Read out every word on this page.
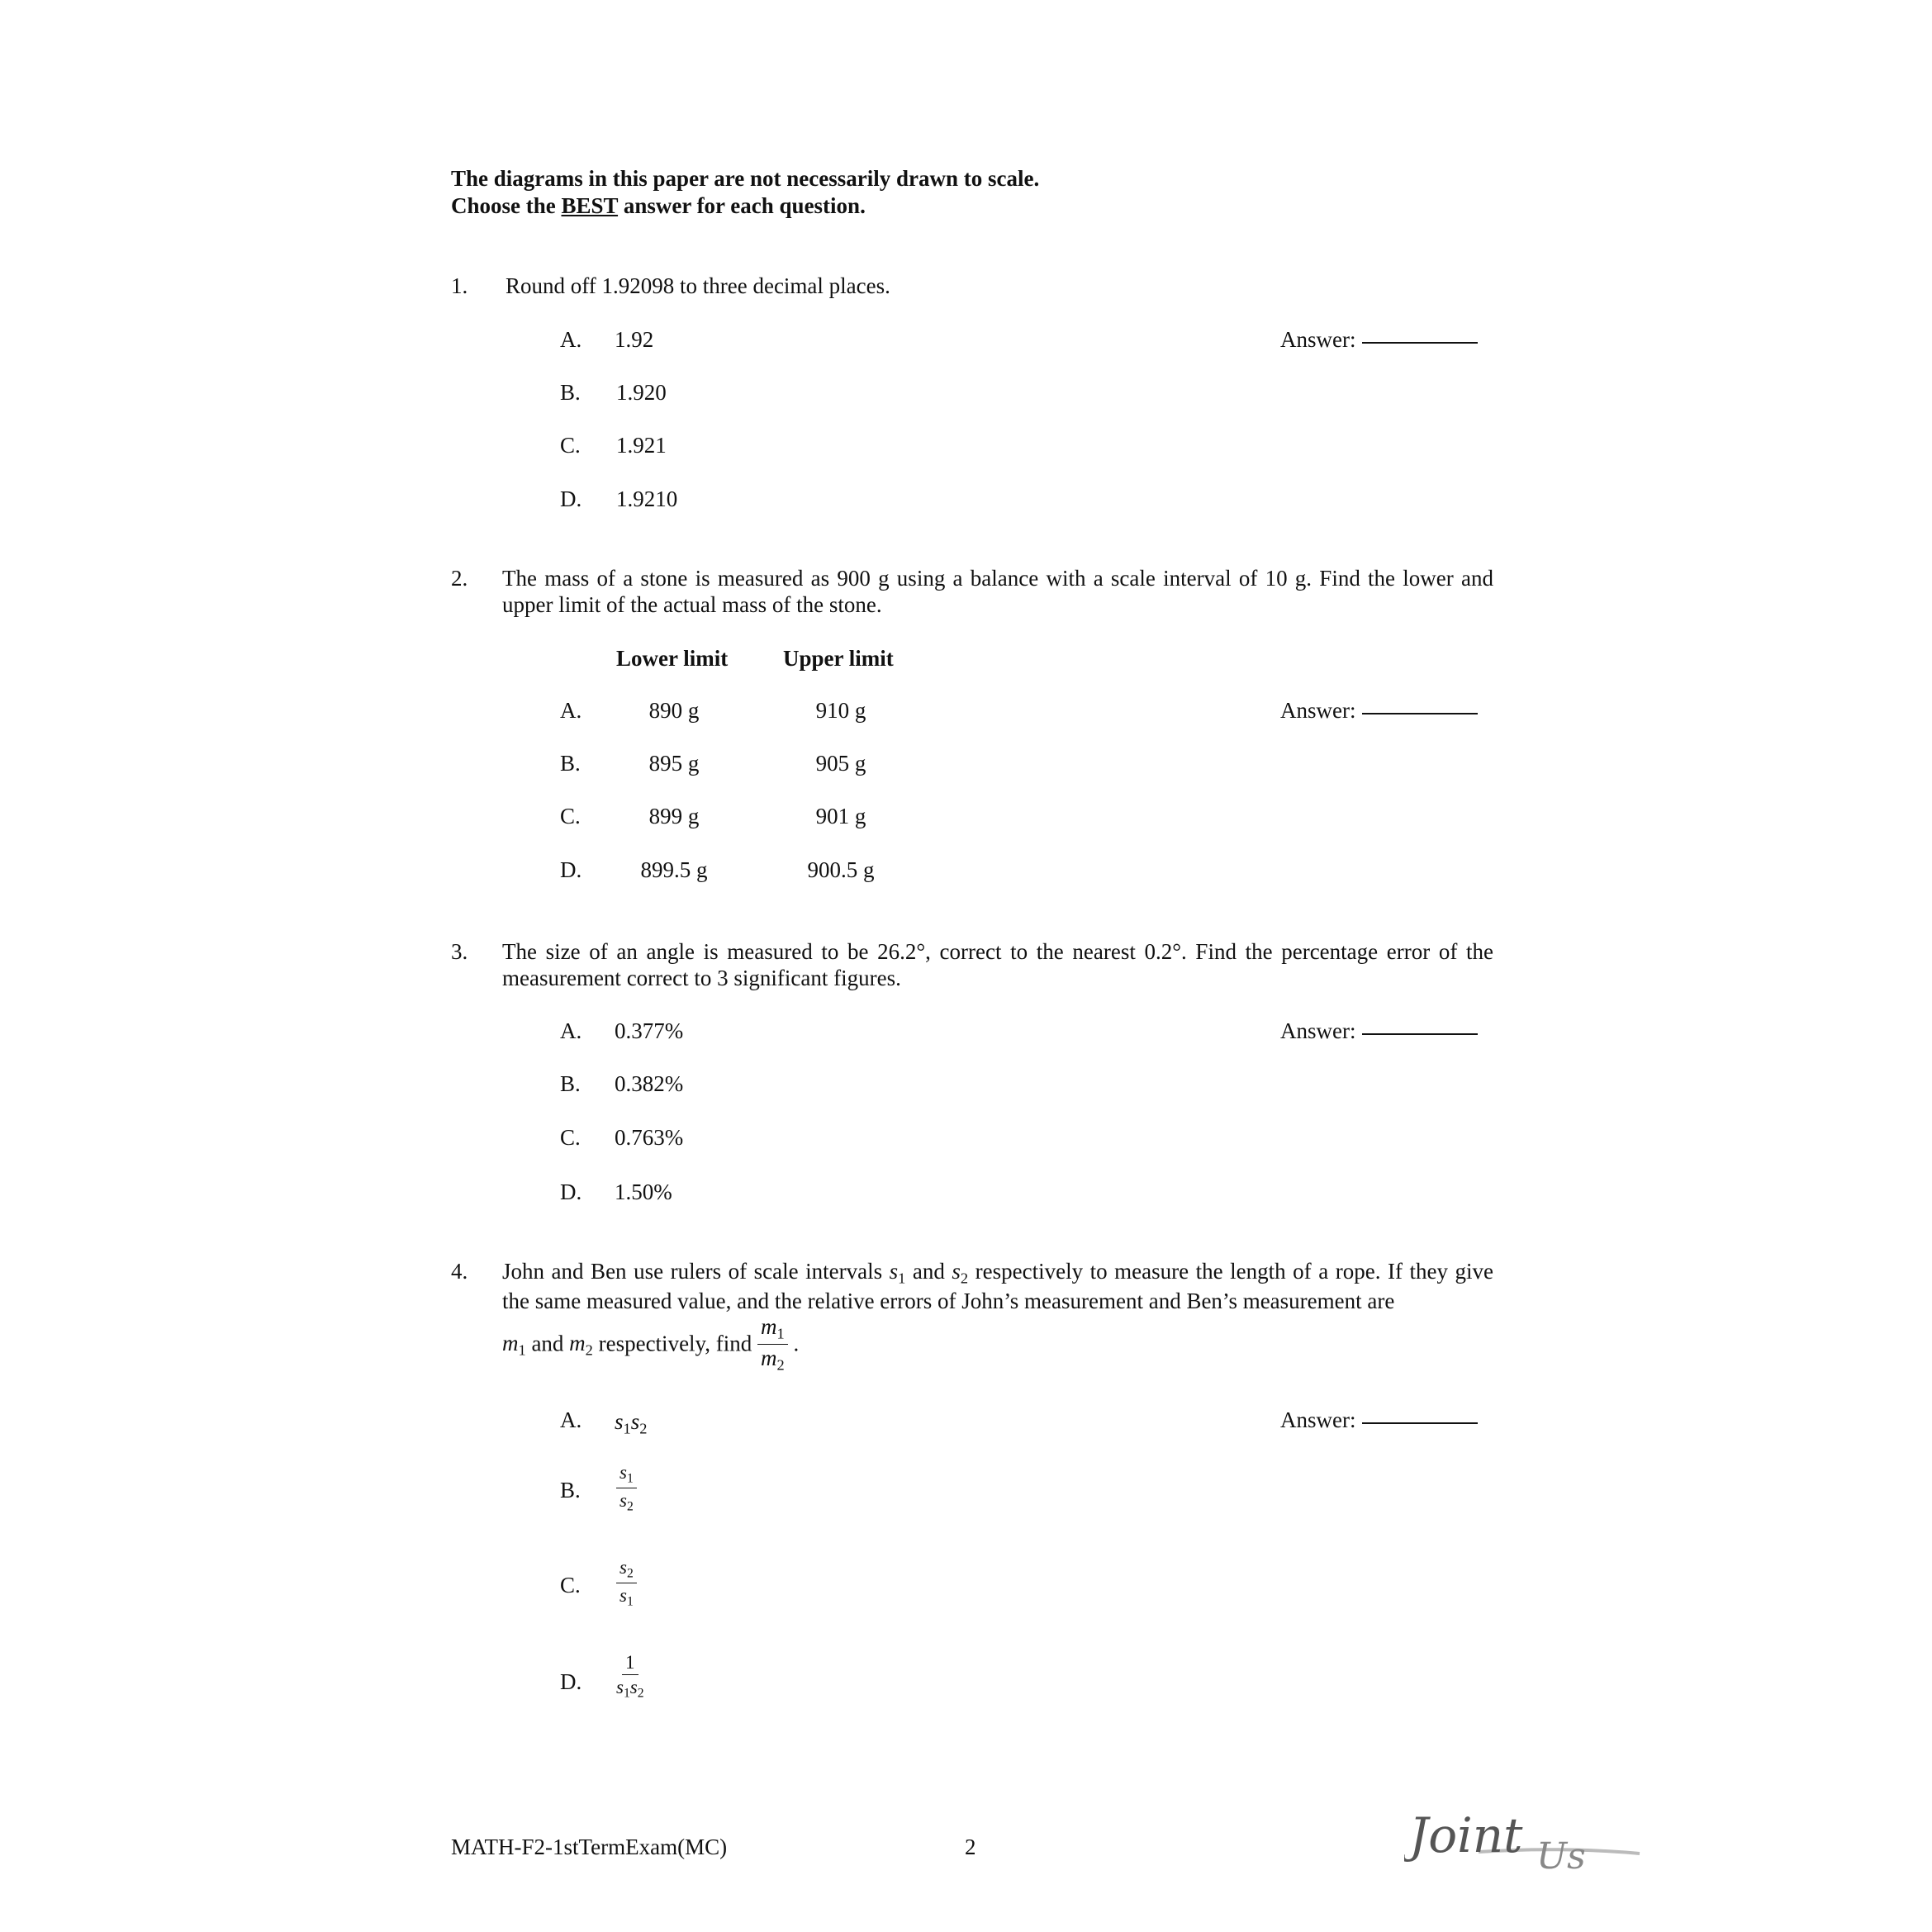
The diagrams in this paper are not necessarily drawn to scale.
Choose the BEST answer for each question.
1. Round off 1.92098 to three decimal places.
Answer:
A. 1.92
B. 1.920
C. 1.921
D. 1.9210
2. The mass of a stone is measured as 900 g using a balance with a scale interval of 10 g. Find the lower and upper limit of the actual mass of the stone.
Lower limit Upper limit
Answer:
A.	890 g	910 g
B.	895 g	905 g
C.	899 g	901 g
D.	899.5 g	900.5 g
3. The size of an angle is measured to be 26.2°, correct to the nearest 0.2°. Find the percentage error of the measurement correct to 3 significant figures.
Answer:
A. 0.377%
B. 0.382%
C. 0.763%
D. 1.50%
4. John and Ben use rulers of scale intervals $s_1$ and $s_2$ respectively to measure the length of a rope. If they give the same measured value, and the relative errors of John’s measurement and Ben’s measurement are
$m_1$ and $m_2$ respectively, find $\frac{m_1}{m_2}$ .
Answer:
A. $s_1s_2$
B. $\frac{s_1}{s_2}$
C. $\frac{s_2}{s_1}$
D. $\frac{1}{s_1s_2}$
MATH-F2-1stTermExam(MC)	2	Joint Us
